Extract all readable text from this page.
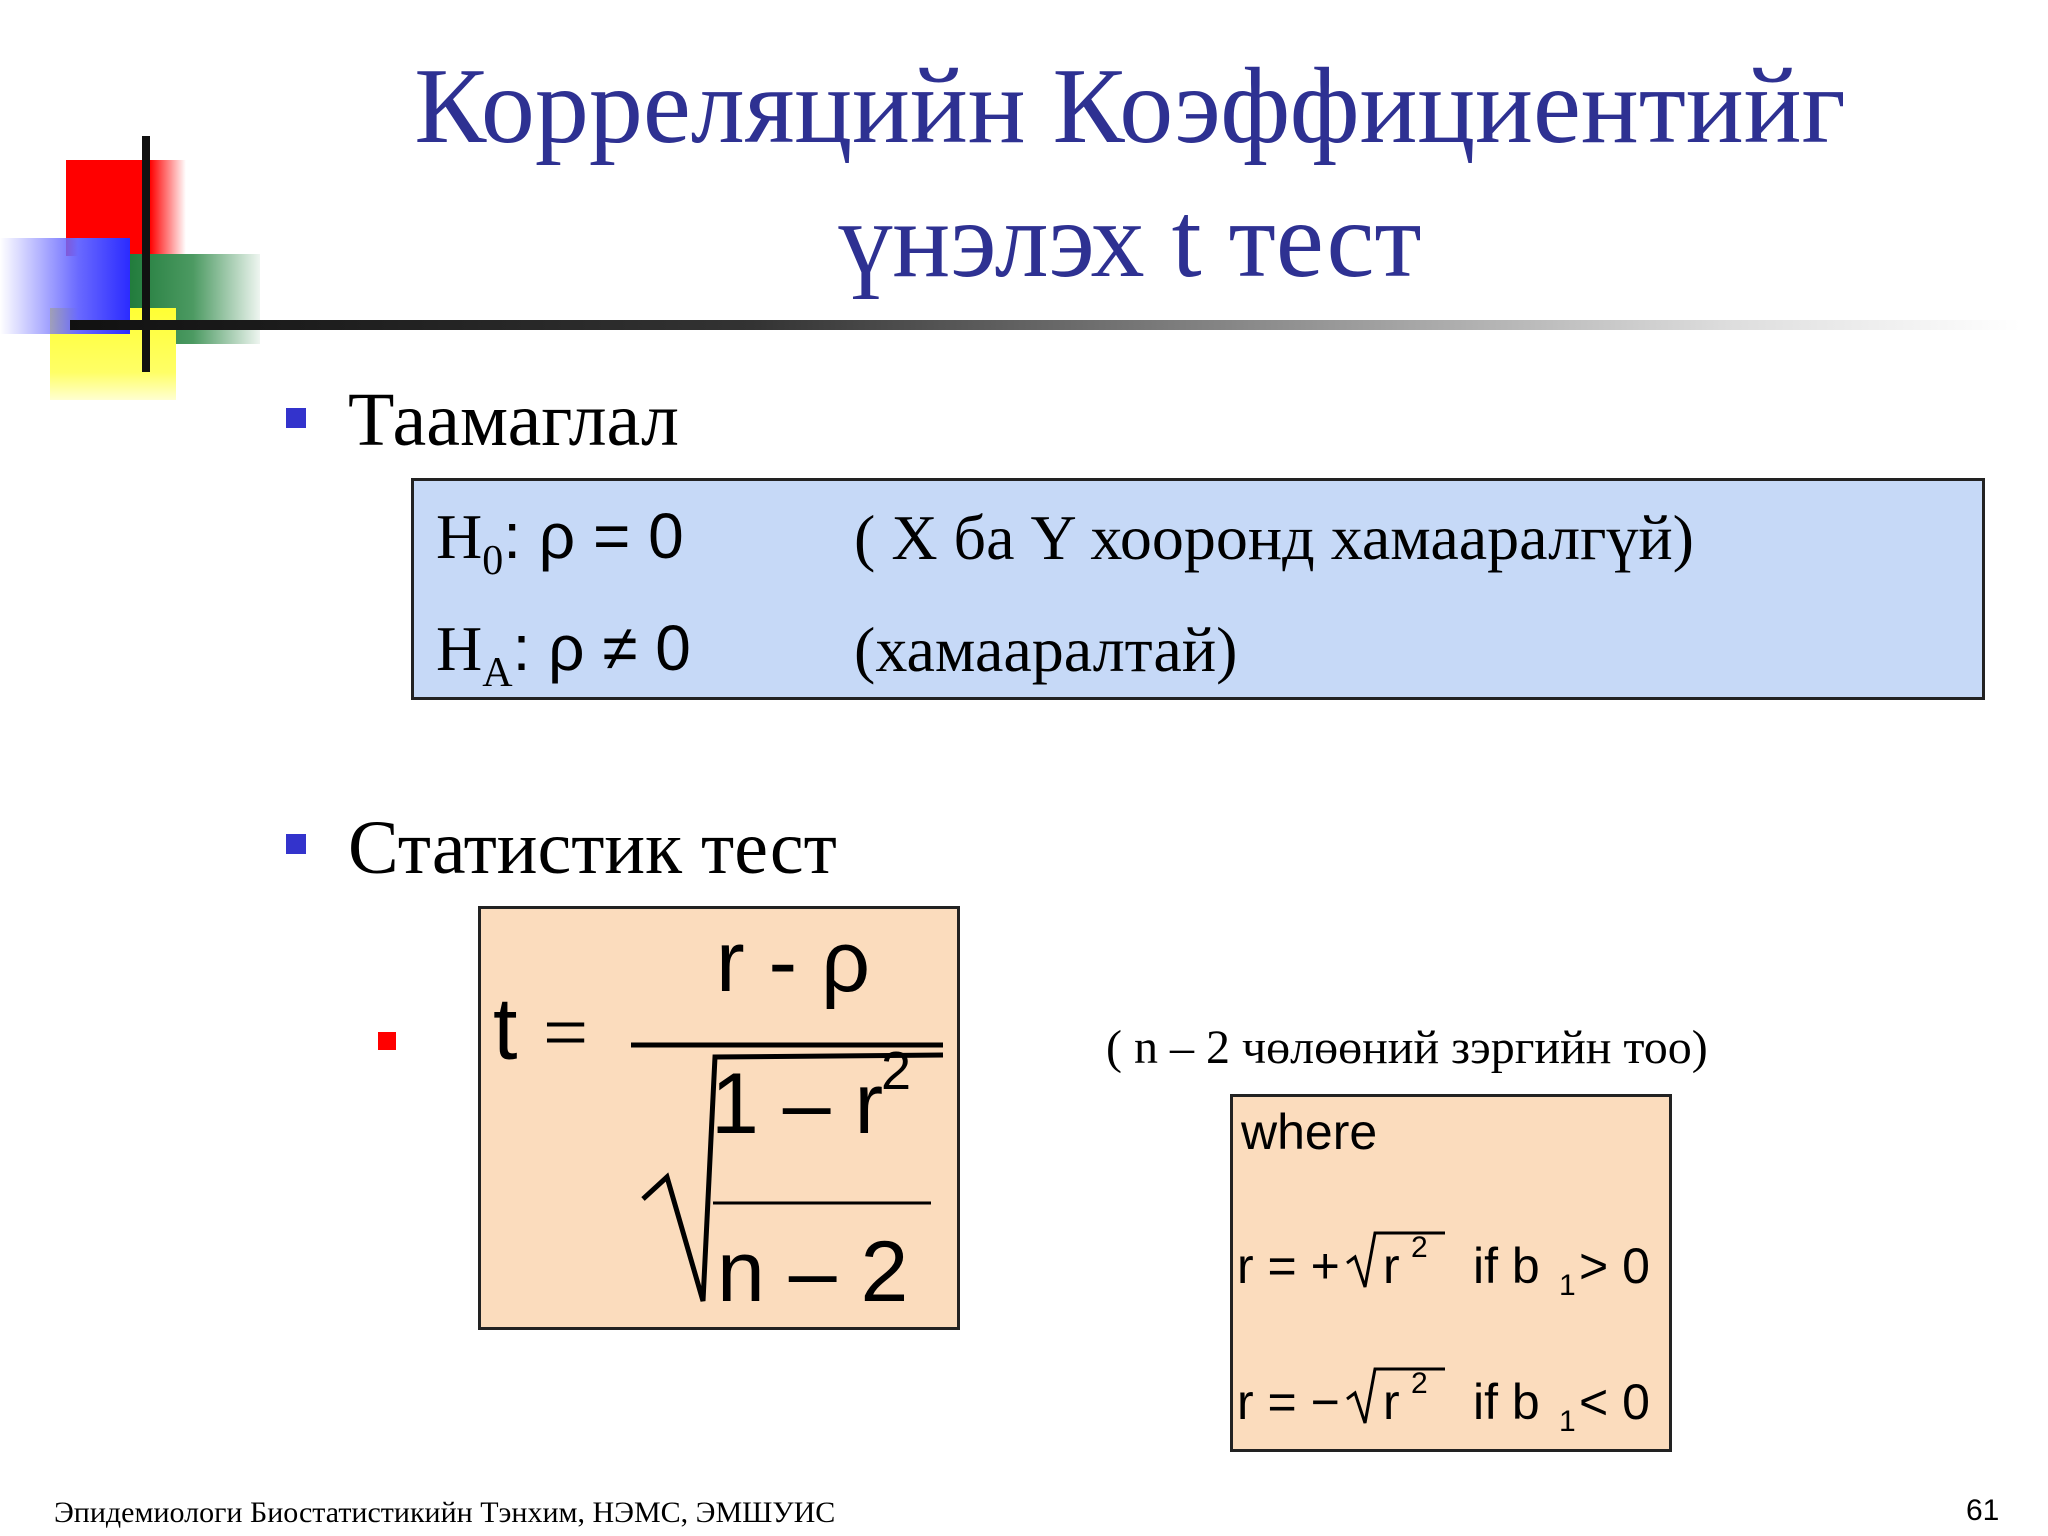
Корреляцийн Коэффициентийг
үнэлэх t тест
Таамаглал
$H_0$: ρ = 0	( X ба Y хооронд хамааралгүй)
$H_A$: ρ ≠ 0	(хамааралтай)
Статистик тест
t =
r - ρ
1 – r
2
n – 2
( n – 2 чөлөөний зэргийн тоо)
where
r = + r 2 if b 1 > 0
r = − r 2 if b 1 < 0
Эпидемиологи Биостатистикийн Тэнхим, НЭМС, ЭМШУИС	61
